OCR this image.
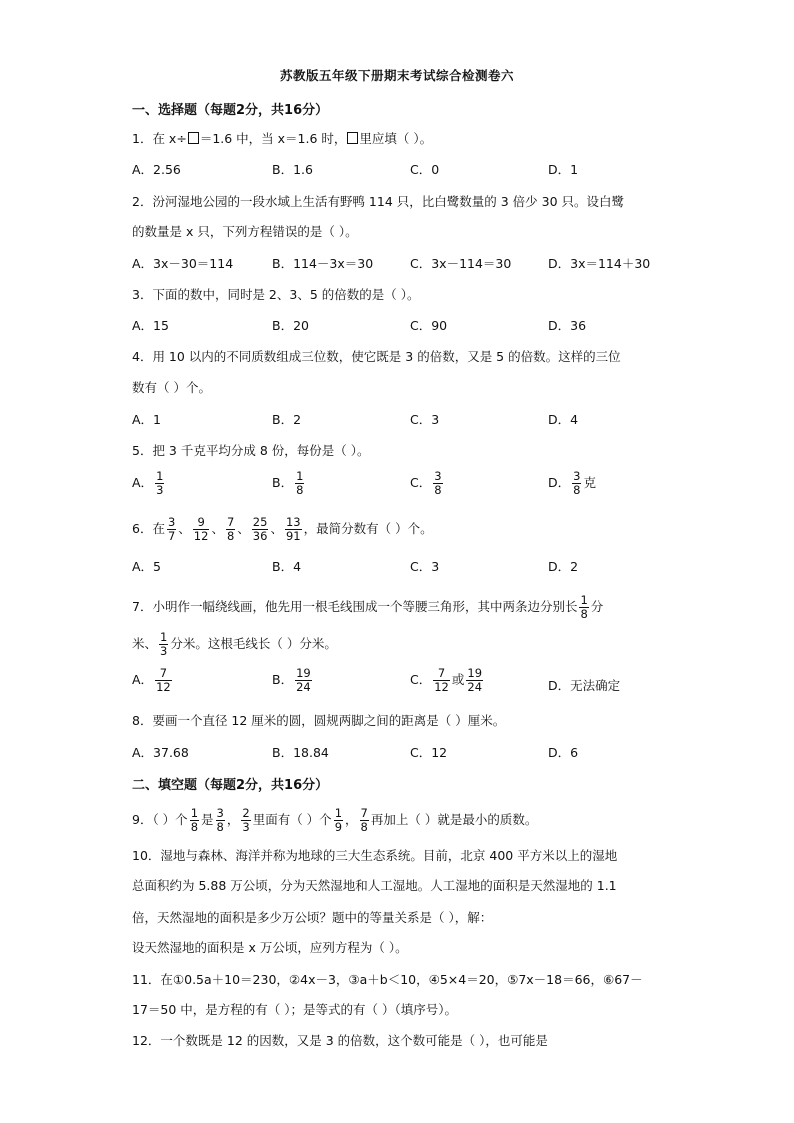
苏教版五年级下册期末考试综合检测卷六
一、选择题（每题2分，共16分）
1．在 x÷ ＝1.6 中，当 x＝1.6 时， 里应填（ ）。
A．2.56	B．1.6	C．0	D．1
2．汾河湿地公园的一段水域上生活有野鸭 114 只，比白鹭数量的 3 倍少 30 只。设白鹭
的数量是 x 只，下列方程错误的是（ ）。
A．3x－30＝114	B．114－3x＝30	C．3x－114＝30	D．3x＝114＋30
3．下面的数中，同时是 2、3、5 的倍数的是（ ）。
A．15	B．20	C．90	D．36
4．用 10 以内的不同质数组成三位数，使它既是 3 的倍数，又是 5 的倍数。这样的三位
数有（ ）个。
A．1	B．2	C．3	D．4
5．把 3 千克平均分成 8 份，每份是（ ）。
A． $\frac{1}{3}$	B． $\frac{1}{8}$	C． $\frac{3}{8}$	D． $\frac{3}{8}$ 克
6．在 $\frac{3}{7}$ 、 $\frac{9}{12}$ 、 $\frac{7}{8}$ 、 $\frac{25}{36}$ 、 $\frac{13}{91}$ ，最简分数有（ ）个。
A．5	B．4	C．3	D．2
7．小明作一幅绕线画，他先用一根毛线围成一个等腰三角形，其中两条边分别长 $\frac{1}{8}$ 分
米、 $\frac{1}{3}$ 分米。这根毛线长（ ）分米。
A． $\frac{7}{12}$	B． $\frac{19}{24}$	C． $\frac{7}{12}$ 或 $\frac{19}{24}$	D．无法确定
8．要画一个直径 12 厘米的圆，圆规两脚之间的距离是（ ）厘米。
A．37.68	B．18.84	C．12	D．6
二、填空题（每题2分，共16分）
9．（ ）个 $\frac{1}{8}$ 是 $\frac{3}{8}$ ， $\frac{2}{3}$ 里面有（ ）个 $\frac{1}{9}$ ， $\frac{7}{8}$ 再加上（ ）就是最小的质数。
10．湿地与森林、海洋并称为地球的三大生态系统。目前，北京 400 平方米以上的湿地
总面积约为 5.88 万公顷，分为天然湿地和人工湿地。人工湿地的面积是天然湿地的 1.1
倍，天然湿地的面积是多少万公顷？题中的等量关系是（ ），解：
设天然湿地的面积是 x 万公顷，应列方程为（ ）。
11．在①0.5a＋10＝230，②4x－3，③a＋b＜10，④5×4＝20，⑤7x－18＝66，⑥67－
17＝50 中，是方程的有（ ）；是等式的有（ ）（填序号）。
12．一个数既是 12 的因数，又是 3 的倍数，这个数可能是（ ），也可能是
